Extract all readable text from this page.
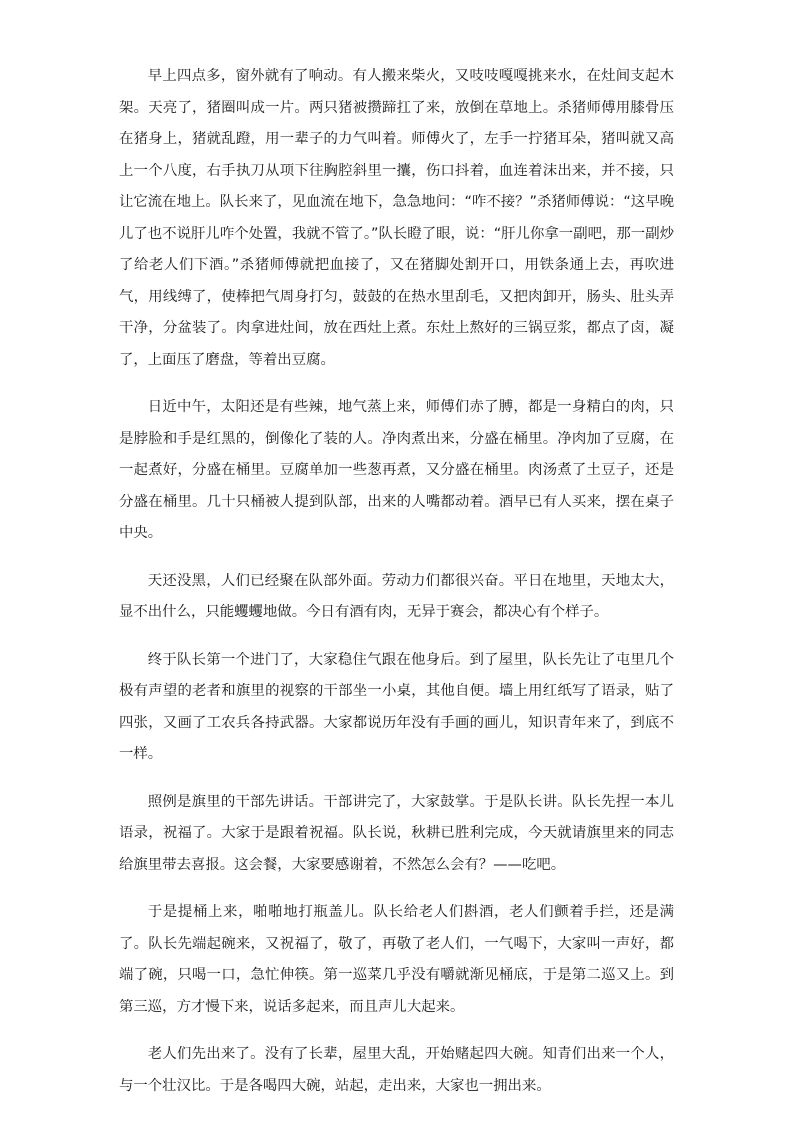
早上四点多，窗外就有了响动。有人搬来柴火，又吱吱嘎嘎挑来水，在灶间支起木架。天亮了，猪圈叫成一片。两只猪被攒蹄扛了来，放倒在草地上。杀猪师傅用膝骨压在猪身上，猪就乱蹬，用一辈子的力气叫着。师傅火了，左手一拧猪耳朵，猪叫就又高上一个八度，右手执刀从项下往胸腔斜里一攮，伤口抖着，血连着沫出来，并不接，只让它流在地上。队长来了，见血流在地下，急急地问：“咋不接？”杀猪师傅说：“这早晚儿了也不说肝儿咋个处置，我就不管了。”队长瞪了眼，说：“肝儿你拿一副吧，那一副炒了给老人们下酒。”杀猪师傅就把血接了，又在猪脚处割开口，用铁条通上去，再吹进气，用线缚了，使棒把气周身打匀，鼓鼓的在热水里刮毛，又把肉卸开，肠头、肚头弄干净，分盆装了。肉拿进灶间，放在西灶上煮。东灶上熬好的三锅豆浆，都点了卤，凝了，上面压了磨盘，等着出豆腐。

日近中午，太阳还是有些辣，地气蒸上来，师傅们赤了膊，都是一身精白的肉，只是脖脸和手是红黑的，倒像化了装的人。净肉煮出来，分盛在桶里。净肉加了豆腐，在一起煮好，分盛在桶里。豆腐单加一些葱再煮，又分盛在桶里。肉汤煮了土豆子，还是分盛在桶里。几十只桶被人提到队部，出来的人嘴都动着。酒早已有人买来，摆在桌子中央。

天还没黑，人们已经聚在队部外面。劳动力们都很兴奋。平日在地里，天地太大，显不出什么，只能蠼蠼地做。今日有酒有肉，无异于赛会，都决心有个样子。

终于队长第一个进门了，大家稳住气跟在他身后。到了屋里，队长先让了屯里几个极有声望的老者和旗里的视察的干部坐一小桌，其他自便。墙上用红纸写了语录，贴了四张，又画了工农兵各持武器。大家都说历年没有手画的画儿，知识青年来了，到底不一样。

照例是旗里的干部先讲话。干部讲完了，大家鼓掌。于是队长讲。队长先捏一本儿语录，祝福了。大家于是跟着祝福。队长说，秋耕已胜利完成，今天就请旗里来的同志给旗里带去喜报。这会餐，大家要感谢着，不然怎么会有？——吃吧。

于是提桶上来，啪啪地打瓶盖儿。队长给老人们斟酒，老人们颤着手拦，还是满了。队长先端起碗来，又祝福了，敬了，再敬了老人们，一气喝下，大家叫一声好，都端了碗，只喝一口，急忙伸筷。第一巡菜几乎没有嚼就渐见桶底，于是第二巡又上。到第三巡，方才慢下来，说话多起来，而且声儿大起来。

老人们先出来了。没有了长辈，屋里大乱，开始赌起四大碗。知青们出来一个人，与一个壮汉比。于是各喝四大碗，站起，走出来，大家也一拥出来。
